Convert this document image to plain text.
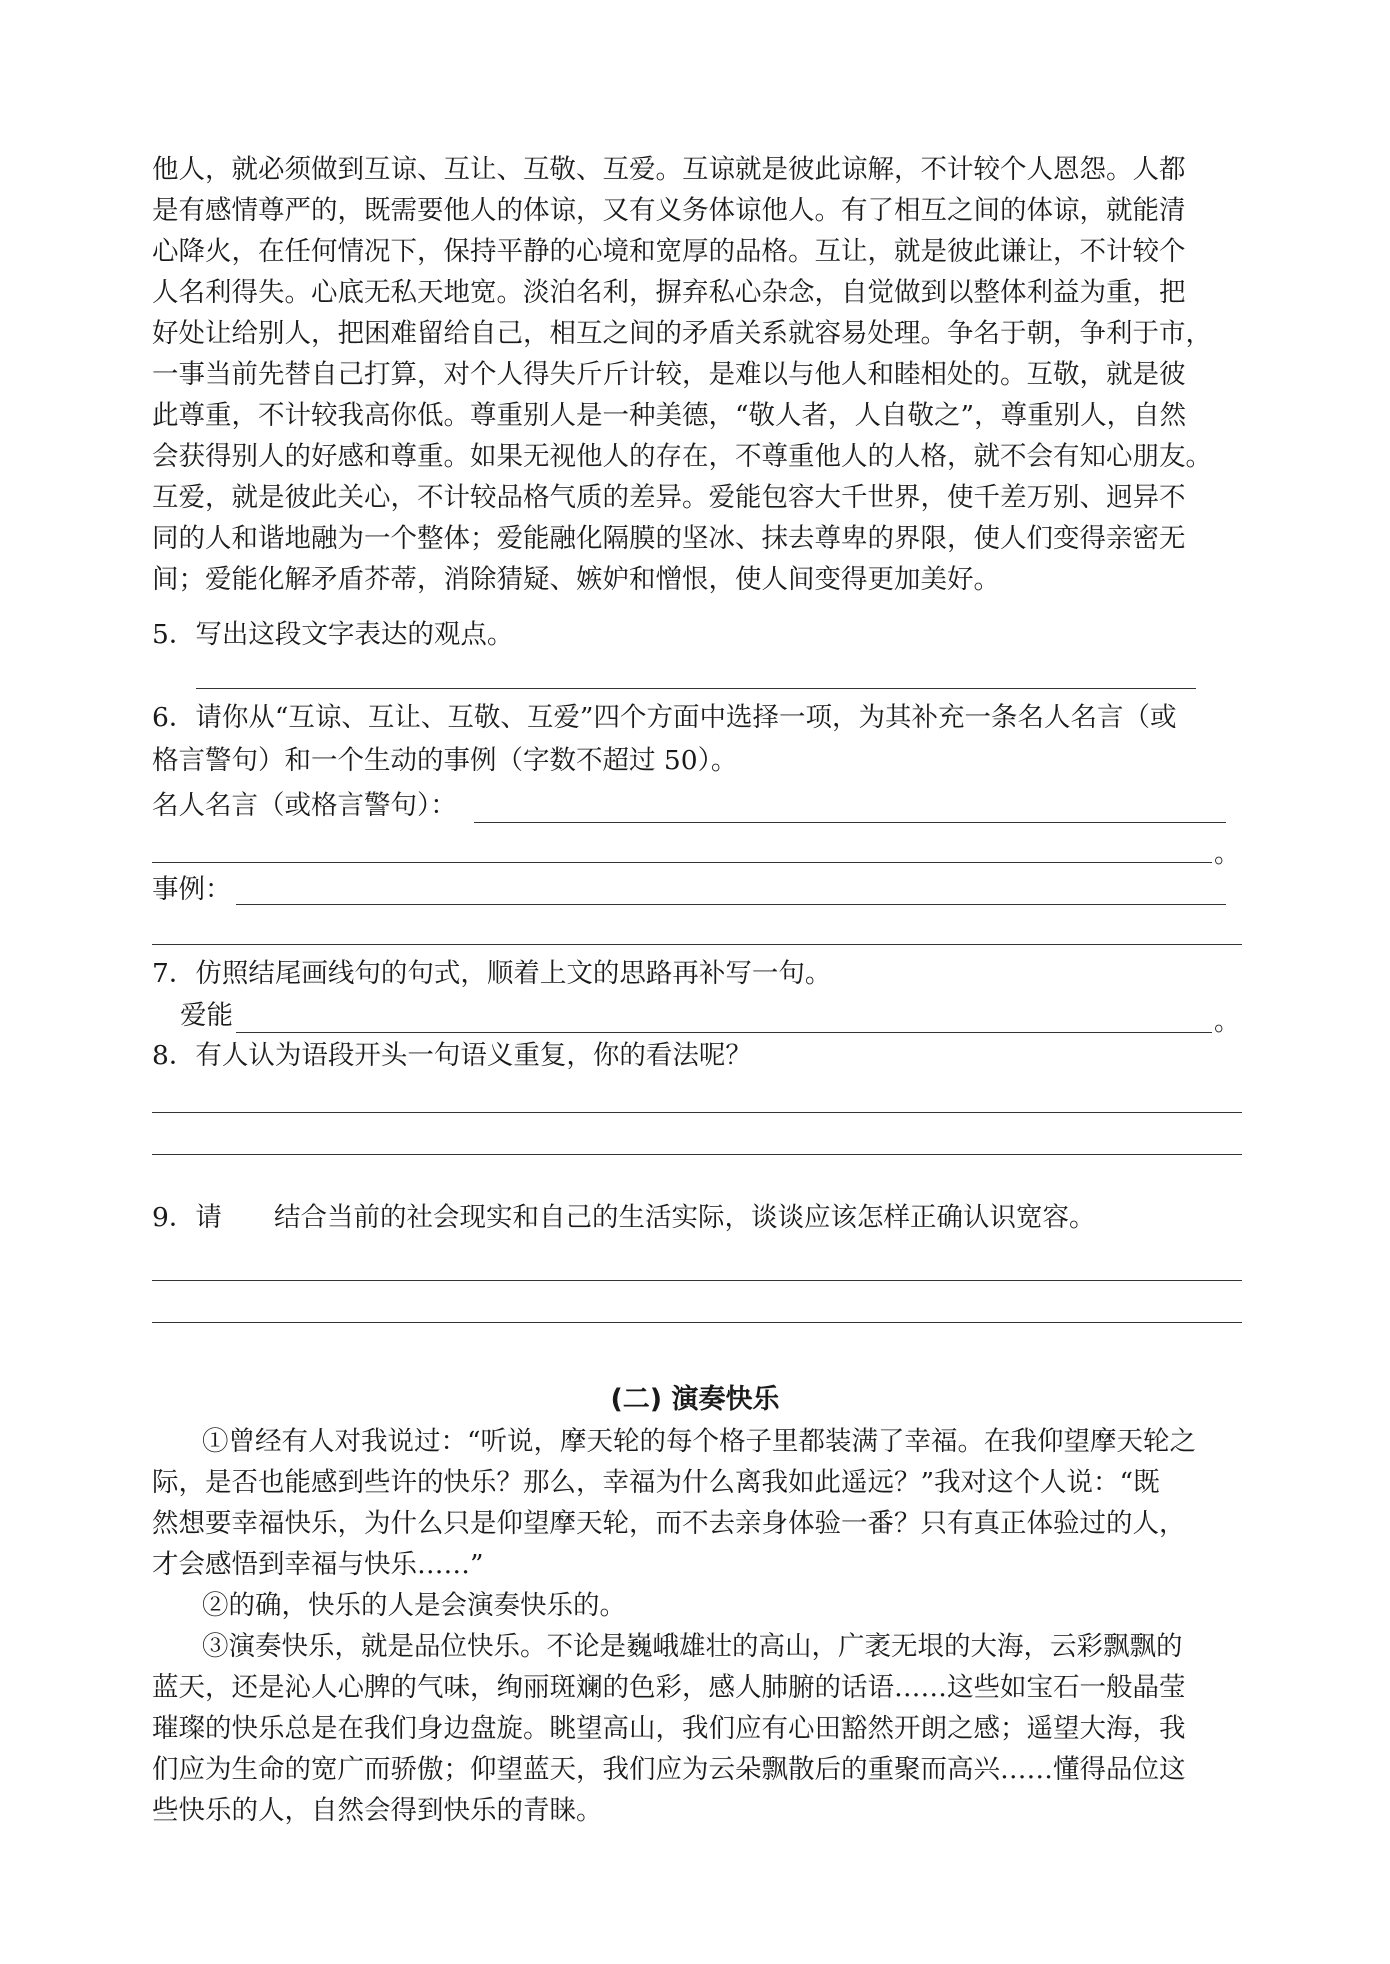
他人，就必须做到互谅、互让、互敬、互爱。互谅就是彼此谅解，不计较个人恩怨。人都
是有感情尊严的，既需要他人的体谅，又有义务体谅他人。有了相互之间的体谅，就能清
心降火，在任何情况下，保持平静的心境和宽厚的品格。互让，就是彼此谦让，不计较个
人名利得失。心底无私天地宽。淡泊名利，摒弃私心杂念，自觉做到以整体利益为重，把
好处让给别人，把困难留给自己，相互之间的矛盾关系就容易处理。争名于朝，争利于市，
一事当前先替自己打算，对个人得失斤斤计较，是难以与他人和睦相处的。互敬，就是彼
此尊重，不计较我高你低。尊重别人是一种美德，“敬人者，人自敬之”，尊重别人，自然
会获得别人的好感和尊重。如果无视他人的存在，不尊重他人的人格，就不会有知心朋友。
互爱，就是彼此关心，不计较品格气质的差异。爱能包容大千世界，使千差万别、迥异不
同的人和谐地融为一个整体；爱能融化隔膜的坚冰、抹去尊卑的界限，使人们变得亲密无
间；爱能化解矛盾芥蒂，消除猜疑、嫉妒和憎恨，使人间变得更加美好。
5．写出这段文字表达的观点。
6．请你从“互谅、互让、互敬、互爱”四个方面中选择一项，为其补充一条名人名言（或
格言警句）和一个生动的事例（字数不超过 50）。
名人名言（或格言警句）：
。
事例：
7．仿照结尾画线句的句式，顺着上文的思路再补写一句。
爱能	。
8．有人认为语段开头一句语义重复，你的看法呢？
9．请 结合当前的社会现实和自己的生活实际，谈谈应该怎样正确认识宽容。
(二) 演奏快乐
①曾经有人对我说过：“听说，摩天轮的每个格子里都装满了幸福。在我仰望摩天轮之
际，是否也能感到些许的快乐？那么，幸福为什么离我如此遥远？”我对这个人说：“既
然想要幸福快乐，为什么只是仰望摩天轮，而不去亲身体验一番？只有真正体验过的人，
才会感悟到幸福与快乐……”
②的确，快乐的人是会演奏快乐的。
③演奏快乐，就是品位快乐。不论是巍峨雄壮的高山，广袤无垠的大海，云彩飘飘的
蓝天，还是沁人心脾的气味，绚丽斑斓的色彩，感人肺腑的话语……这些如宝石一般晶莹
璀璨的快乐总是在我们身边盘旋。眺望高山，我们应有心田豁然开朗之感；遥望大海，我
们应为生命的宽广而骄傲；仰望蓝天，我们应为云朵飘散后的重聚而高兴……懂得品位这
些快乐的人，自然会得到快乐的青睐。
